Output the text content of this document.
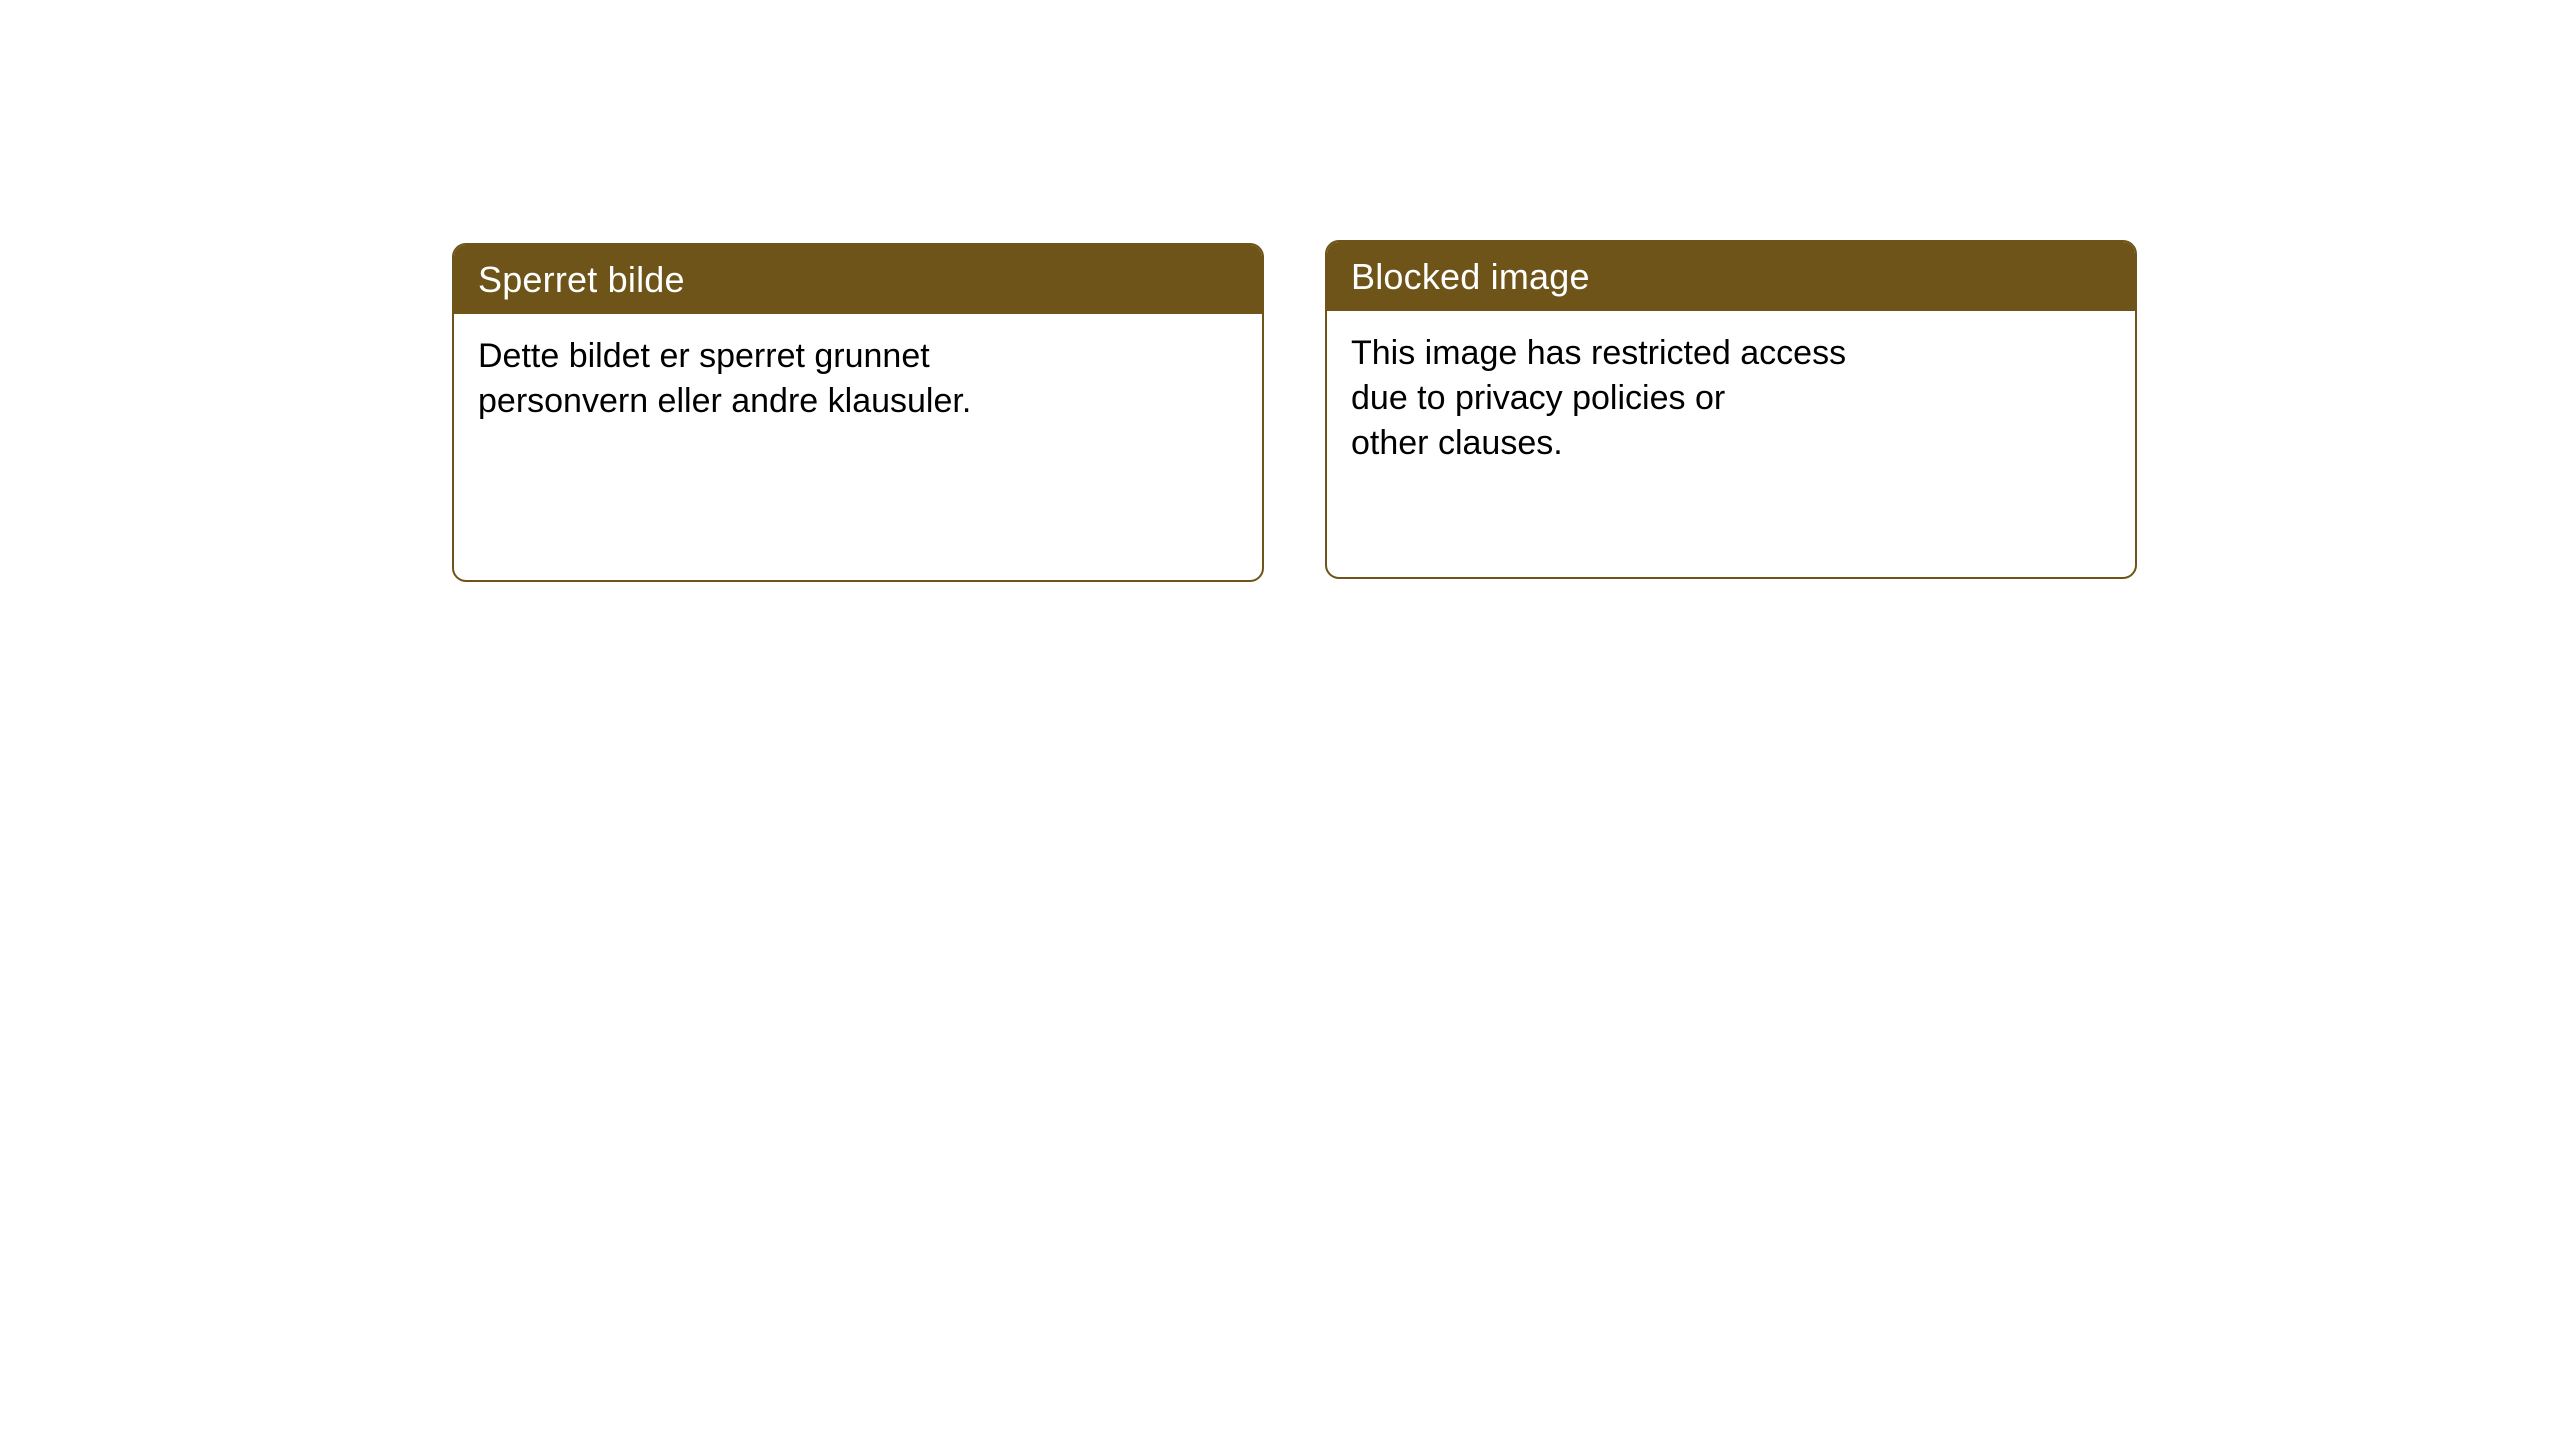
Sperret bilde

Dette bildet er sperret grunnet

personvern eller andre klausuler.

Blocked image

This image has restricted access

due to privacy policies or

other clauses.
